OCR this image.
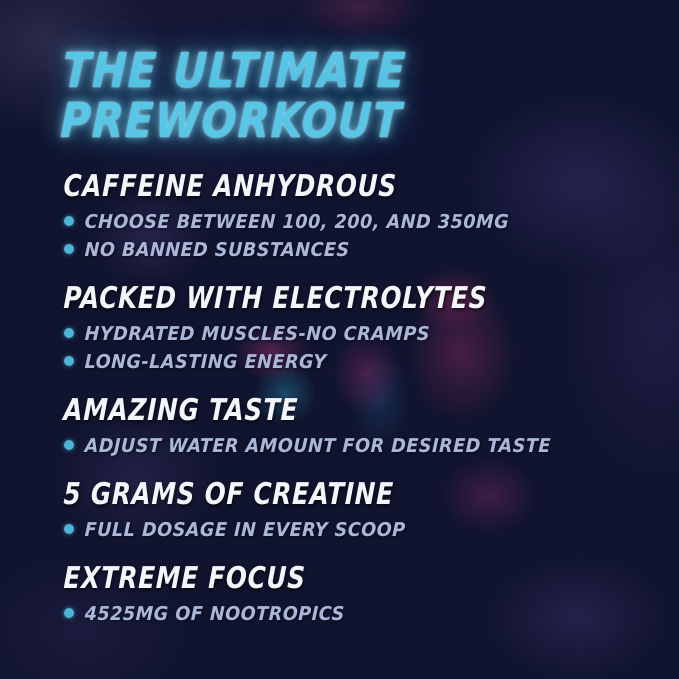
THE ULTIMATE
PREWORKOUT
CAFFEINE ANHYDROUS
CHOOSE BETWEEN 100, 200, AND 350MG
NO BANNED SUBSTANCES
PACKED WITH ELECTROLYTES
HYDRATED MUSCLES-NO CRAMPS
LONG-LASTING ENERGY
AMAZING TASTE
ADJUST WATER AMOUNT FOR DESIRED TASTE
5 GRAMS OF CREATINE
FULL DOSAGE IN EVERY SCOOP
EXTREME FOCUS
4525MG OF NOOTROPICS
